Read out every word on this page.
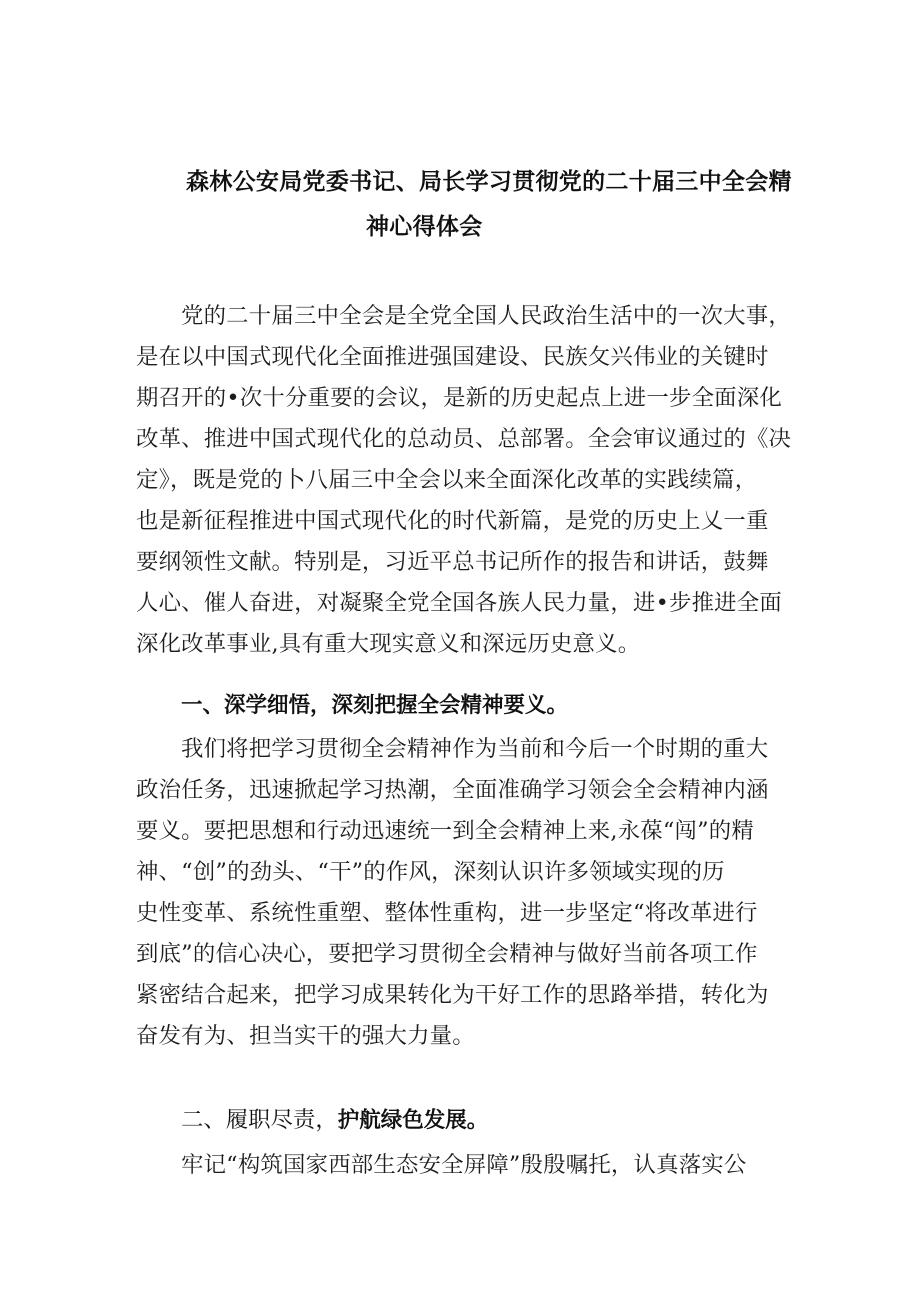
森林公安局党委书记、局长学习贯彻党的二十届三中全会精
神心得体会
党的二十届三中全会是全党全国人民政治生活中的一次大事，
是在以中国式现代化全面推进强国建设、民族攵兴伟业的关键时
期召开的•次十分重要的会议，是新的历史起点上进一步全面深化
改革、推进中国式现代化的总动员、总部署。全会审议通过的《决
定》，既是党的卜八届三中全会以来全面深化改革的实践续篇，
也是新征程推进中国式现代化的时代新篇，是党的历史上乂一重
要纲领性文献。特别是，习近平总书记所作的报告和讲话，鼓舞
人心、催人奋进，对凝聚全党全国各族人民力量，进•步推进全面
深化改革事业,具有重大现实意义和深远历史意义。
一、深学细悟，深刻把握全会精神要义。
我们将把学习贯彻全会精神作为当前和今后一个时期的重大
政治任务，迅速掀起学习热潮，全面准确学习领会全会精神内涵
要义。要把思想和行动迅速统一到全会精神上来,永葆“闯”的精
神、“创”的劲头、“干”的作风，深刻认识许多领域实现的历
史性变革、系统性重塑、整体性重构，进一步坚定“将改革进行
到底”的信心决心，要把学习贯彻全会精神与做好当前各项工作
紧密结合起来，把学习成果转化为干好工作的思路举措，转化为
奋发有为、担当实干的强大力量。
二、履职尽责，护航绿色发展。
牢记“构筑国家西部生态安全屏障”殷殷嘱托，认真落实公
